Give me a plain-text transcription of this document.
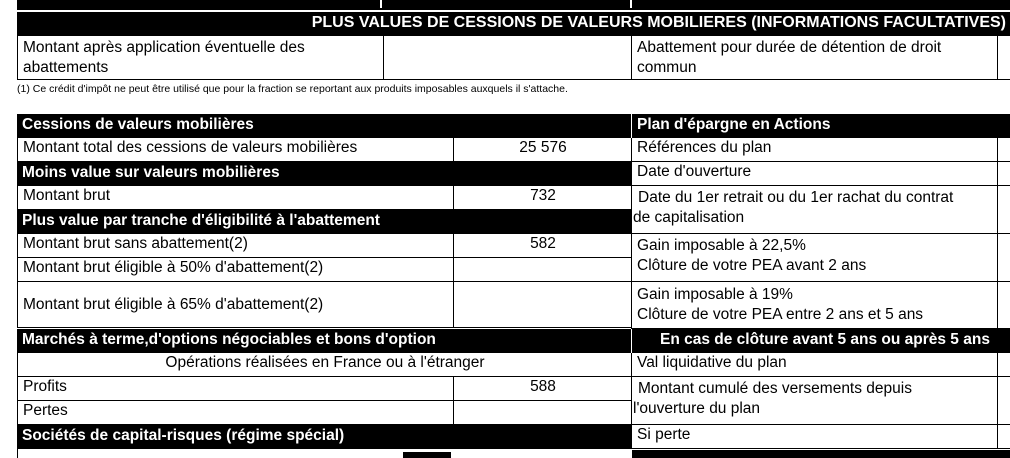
PLUS VALUES DE CESSIONS DE VALEURS MOBILIERES (INFORMATIONS FACULTATIVES)
Montant après application éventuelle des
abattements
Abattement pour durée de détention de droit
commun
(1) Ce crédit d'impôt ne peut être utilisé que pour la fraction se reportant aux produits imposables auxquels il s'attache.
Cessions de valeurs mobilières
Montant total des cessions de valeurs mobilières	25 576
Moins value sur valeurs mobilières
Montant brut	732
Plus value par tranche d'éligibilité à l'abattement
Montant brut sans abattement(2)	582
Montant brut éligible à 50% d'abattement(2)
Montant brut éligible à 65% d'abattement(2)
Marchés à terme,d'options négociables et bons d'option
Opérations réalisées en France ou à l'étranger
Profits	588
Pertes
Sociétés de capital-risques (régime spécial)
Plan d'épargne en Actions
Références du plan
Date d'ouverture
Date du 1er retrait ou du 1er rachat du contrat
de capitalisation
Gain imposable à 22,5%
Clôture de votre PEA avant 2 ans
Gain imposable à 19%
Clôture de votre PEA entre 2 ans et 5 ans
En cas de clôture avant 5 ans ou après 5 ans
Val liquidative du plan
Montant cumulé des versements depuis
l'ouverture du plan
Si perte
